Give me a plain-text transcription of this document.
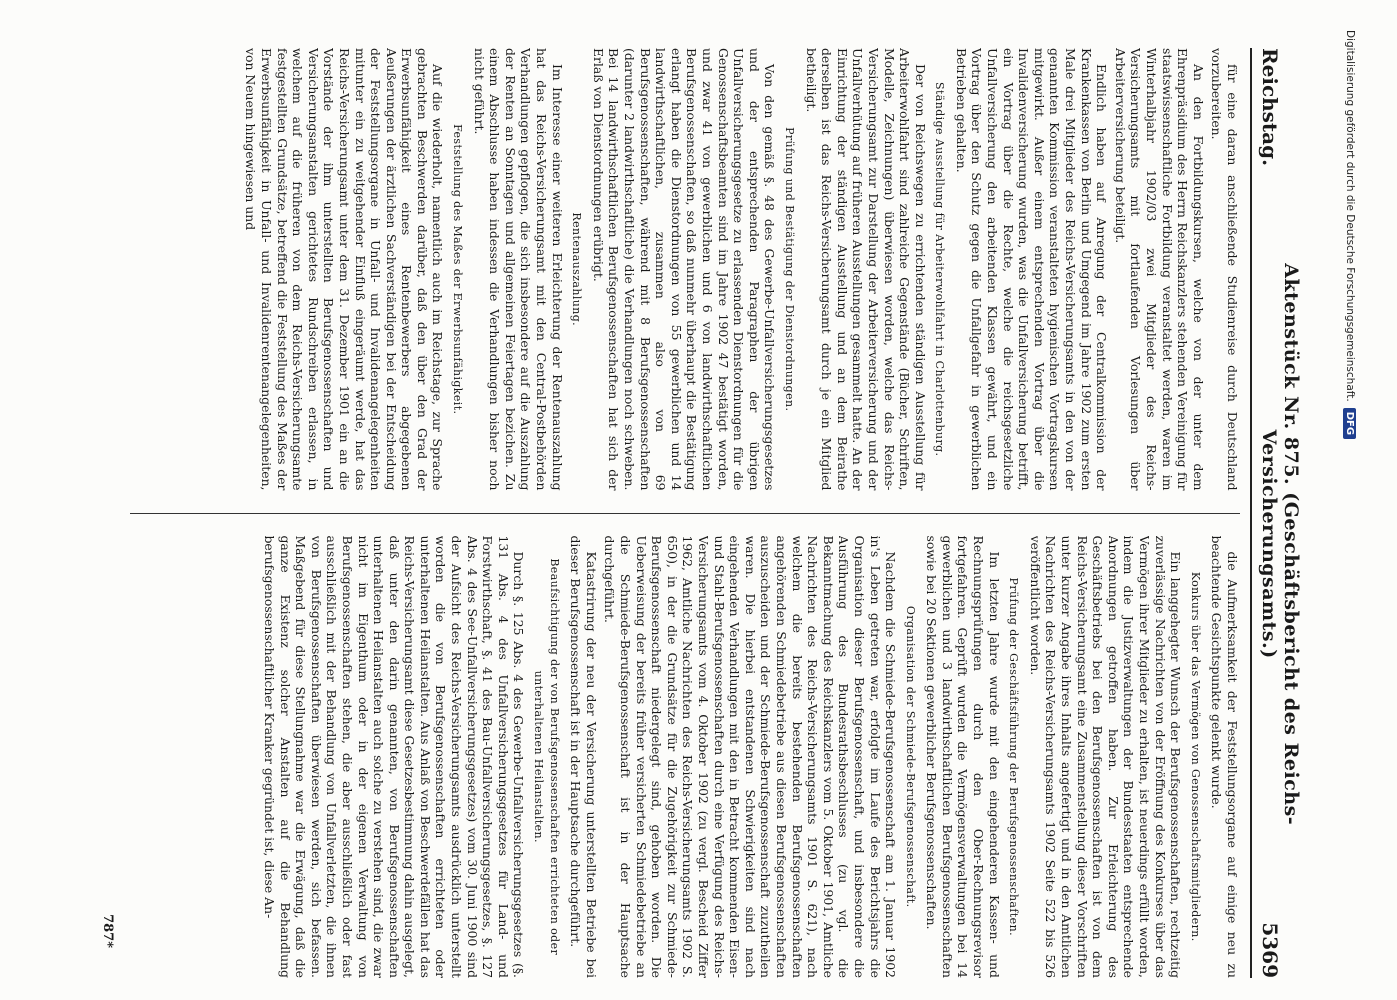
Reichstag.
Aktenstück Nr. 875. (Geschäftsbericht des Reichs-Versicherungsamts.)
5369

für eine daran anschließende Studienreise durch Deutschland vorzubereiten.

An den Fortbildungskursen, welche von der unter dem Ehrenpräsidium des Herrn Reichskanzlers stehenden Vereinigung für staatswissenschaftliche Fortbildung veranstaltet werden, waren im Winterhalbjahr 1902/03 zwei Mitglieder des Reichs-Versicherungsamts mit fortlaufenden Vorlesungen über Arbeiterversicherung beteiligt.

Endlich haben auf Anregung der Centralkommission der Krankenkassen von Berlin und Umgegend im Jahre 1902 zum ersten Male drei Mitglieder des Reichs-Versicherungsamts in den von der genannten Kommission veranstalteten hygienischen Vortragskursen mitgewirkt. Außer einem entsprechenden Vortrag über die Invalidenversicherung wurden, was die Unfallversicherung betrifft, ein Vortrag über die Rechte, welche die reichsgesetzliche Unfallversicherung den arbeitenden Klassen gewährt, und ein Vortrag über den Schutz gegen die Unfallgefahr in gewerblichen Betrieben gehalten.

Ständige Ausstellung für Arbeiterwohlfahrt in Charlottenburg.

Der von Reichswegen zu errichtenden ständigen Ausstellung für Arbeiterwohlfahrt sind zahlreiche Gegenstände (Bücher, Schriften, Modelle, Zeichnungen) überwiesen worden, welche das Reichs-Versicherungsamt zur Darstellung der Arbeiterversicherung und der Unfallverhütung auf früheren Ausstellungen gesammelt hatte. An der Einrichtung der ständigen Ausstellung und an dem Beirathe derselben ist das Reichs-Versicherungsamt durch je ein Mitglied betheiligt.

Prüfung und Bestätigung der Dienstordnungen.

Von den gemäß §. 48 des Gewerbe-Unfallversicherungsgesetzes und der entsprechenden Paragraphen der übrigen Unfallversicherungsgesetze zu erlassenden Dienstordnungen für die Genossenschaftsbeamten sind im Jahre 1902 47 bestätigt worden, und zwar 41 von gewerblichen und 6 von landwirthschaftlichen Berufsgenossenschaften, so daß nunmehr überhaupt die Bestätigung erlangt haben die Dienstordnungen von 55 gewerblichen und 14 landwirthschaftlichen, zusammen also von 69 Berufsgenossenschaften, während mit 8 Berufsgenossenschaften (darunter 2 landwirthschaftliche) die Verhandlungen noch schweben. Bei 14 landwirthschaftlichen Berufsgenossenschaften hat sich der Erlaß von Dienstordnungen erübrigt.

Rentenauszahlung.

Im Interesse einer weiteren Erleichterung der Rentenauszahlung hat das Reichs-Versicherungsamt mit den Central-Postbehörden Verhandlungen gepflogen, die sich insbesondere auf die Auszahlung der Renten an Sonntagen und allgemeinen Feiertagen bezichen. Zu einem Abschlusse haben indessen die Verhandlungen bisher noch nicht geführt.

Feststellung des Maßes der Erwerbsunfähigkeit.

Auf die wiederholt, namentlich auch im Reichstage, zur Sprache gebrachten Beschwerden darüber, daß den über den Grad der Erwerbsunfähigkeit eines Rentenbewerbers abgegebenen Aeußerungen der ärztlichen Sachverständigen bei der Entscheidung der Feststellungsorgane in Unfall- und Invalidenangelegenheiten mitunter ein zu weitgehender Einfluß eingeräumt werde, hat das Reichs-Versicherungsamt unter dem 31. Dezember 1901 ein an die Vorstände der ihm unterstellten Berufsgenossenschaften und Versicherungsanstalten gerichtetes Rundschreiben erlassen, in welchem auf die früheren von dem Reichs-Versicherungsamte festgestellten Grundsätze, betreffend die Feststellung des Maßes der Erwerbsunfähigkeit in Unfall- und Invalidenrentenangelegenheiten, von Neuem hingewiesen und

die Aufmerksamkeit der Feststellungsorgane auf einige neu zu beachtende Gesichtspunkte gelenkt wurde.

Konkurs über das Vermögen von Genossenschaftsmitgliedern.

Ein langgehegter Wunsch der Berufsgenossenschaften, rechtzeitig zuverlässige Nachrichten von der Eröffnung des Konkurses über das Vermögen ihrer Mitglieder zu erhalten, ist neuerdings erfüllt worden, indem die Justizverwaltungen der Bundesstaaten entsprechende Anordnungen getroffen haben. Zur Erleichterung des Geschäftsbetriebs bei den Berufsgenossenschaften ist von dem Reichs-Versicherungsamt eine Zusammenstellung dieser Vorschriften unter kurzer Angabe ihres Inhalts angefertigt und in den Amtlichen Nachrichten des Reichs-Versicherungsamts 1902 Seite 522 bis 526 veröffentlicht worden.

Prüfung der Geschäftsführung der Berufsgenossenschaften.

Im letzten Jahre wurde mit den eingehenderen Kassen- und Rechnungsprüfungen durch den Ober-Rechnungsrevisor fortgefahren. Geprüft wurden die Vermögensverwaltungen bei 14 gewerblichen und 3 landwirthschaftlichen Berufsgenossenschaften sowie bei 20 Sektionen gewerblicher Berufsgenossenschaften.

Organisation der Schmiede-Berufsgenossenschaft.

Nachdem die Schmiede-Berufsgenossenschaft am 1. Januar 1902 in's Leben getreten war, erfolgte im Laufe des Berichtsjahrs die Organisation dieser Berufsgenossenschaft, und insbesondere die Ausführung des Bundesrathsbeschlusses (zu vgl. die Bekanntmachung des Reichskanzlers vom 5. Oktober 1901, Amtliche Nachrichten des Reichs-Versicherungsamts 1901 S. 621), nach welchem die bereits bestehenden Berufsgenossenschaften angehörenden Schmiedebetriebe aus diesen Berufsgenossenschaften auszuscheiden und der Schmiede-Berufsgenossenschaft zuzutheilen waren. Die hierbei entstandenen Schwierigkeiten sind nach eingehenden Verhandlungen mit den in Betracht kommenden Eisen- und Stahl-Berufsgenossenschaften durch eine Verfügung des Reichs-Versicherungsamts vom 4. Oktober 1902 (zu vergl. Bescheid Ziffer 1962, Amtliche Nachrichten des Reichs-Versicherungsamts 1902 S. 650), in der die Grundsätze für die Zugehörigkeit zur Schmiede-Berufsgenossenschaft niedergelegt sind, gehoben worden. Die Ueberweisung der bereits früher versicherten Schmiedebetriebe an die Schmiede-Berufsgenossenschaft ist in der Hauptsache durchgeführt.

Katastrirung der neu der Versicherung unterstellten Betriebe bei dieser Berufsgenossenschaft ist in der Hauptsache durchgeführt.

Beaufsichtigung der von Berufsgenossenschaften errichteten oder unterhaltenen Heilanstalten.

Durch §. 125 Abs. 4 des Gewerbe-Unfallversicherungsgesetzes (§. 131 Abs. 4 des Unfallversicherungsgesetzes für Land- und Forstwirthschaft, §. 41 des Bau-Unfallversicherungsgesetzes, §. 127 Abs. 4 des See-Unfallversicherungsgesetzes) vom 30. Juni 1900 sind der Aufsicht des Reichs-Versicherungsamts ausdrücklich unterstellt worden die von Berufsgenossenschaften errichteten oder unterhaltenen Heilanstalten. Aus Anlaß von Beschwerdefällen hat das Reichs-Versicherungsamt diese Gesetzesbestimmung dahin ausgelegt, daß unter den darin genannten, von Berufsgenossenschaften unterhaltenen Heilanstalten auch solche zu verstehen sind, die zwar nicht im Eigenthum oder in der eigenen Verwaltung von Berufsgenossenschaften stehen, die aber ausschließlich oder fast ausschließlich mit der Behandlung von Unfallverletzten, die ihnen von Berufsgenossenschaften überwiesen werden, sich befassen. Maßgebend für diese Stellungnahme war die Erwägung, daß die ganze Existenz solcher Anstalten auf die Behandlung berufsgenossenschaftlicher Kranker gegründet ist, diese An-

787*
Digitalisierung gefördert durch die Deutsche Forschungsgemeinschaft.
DFG
